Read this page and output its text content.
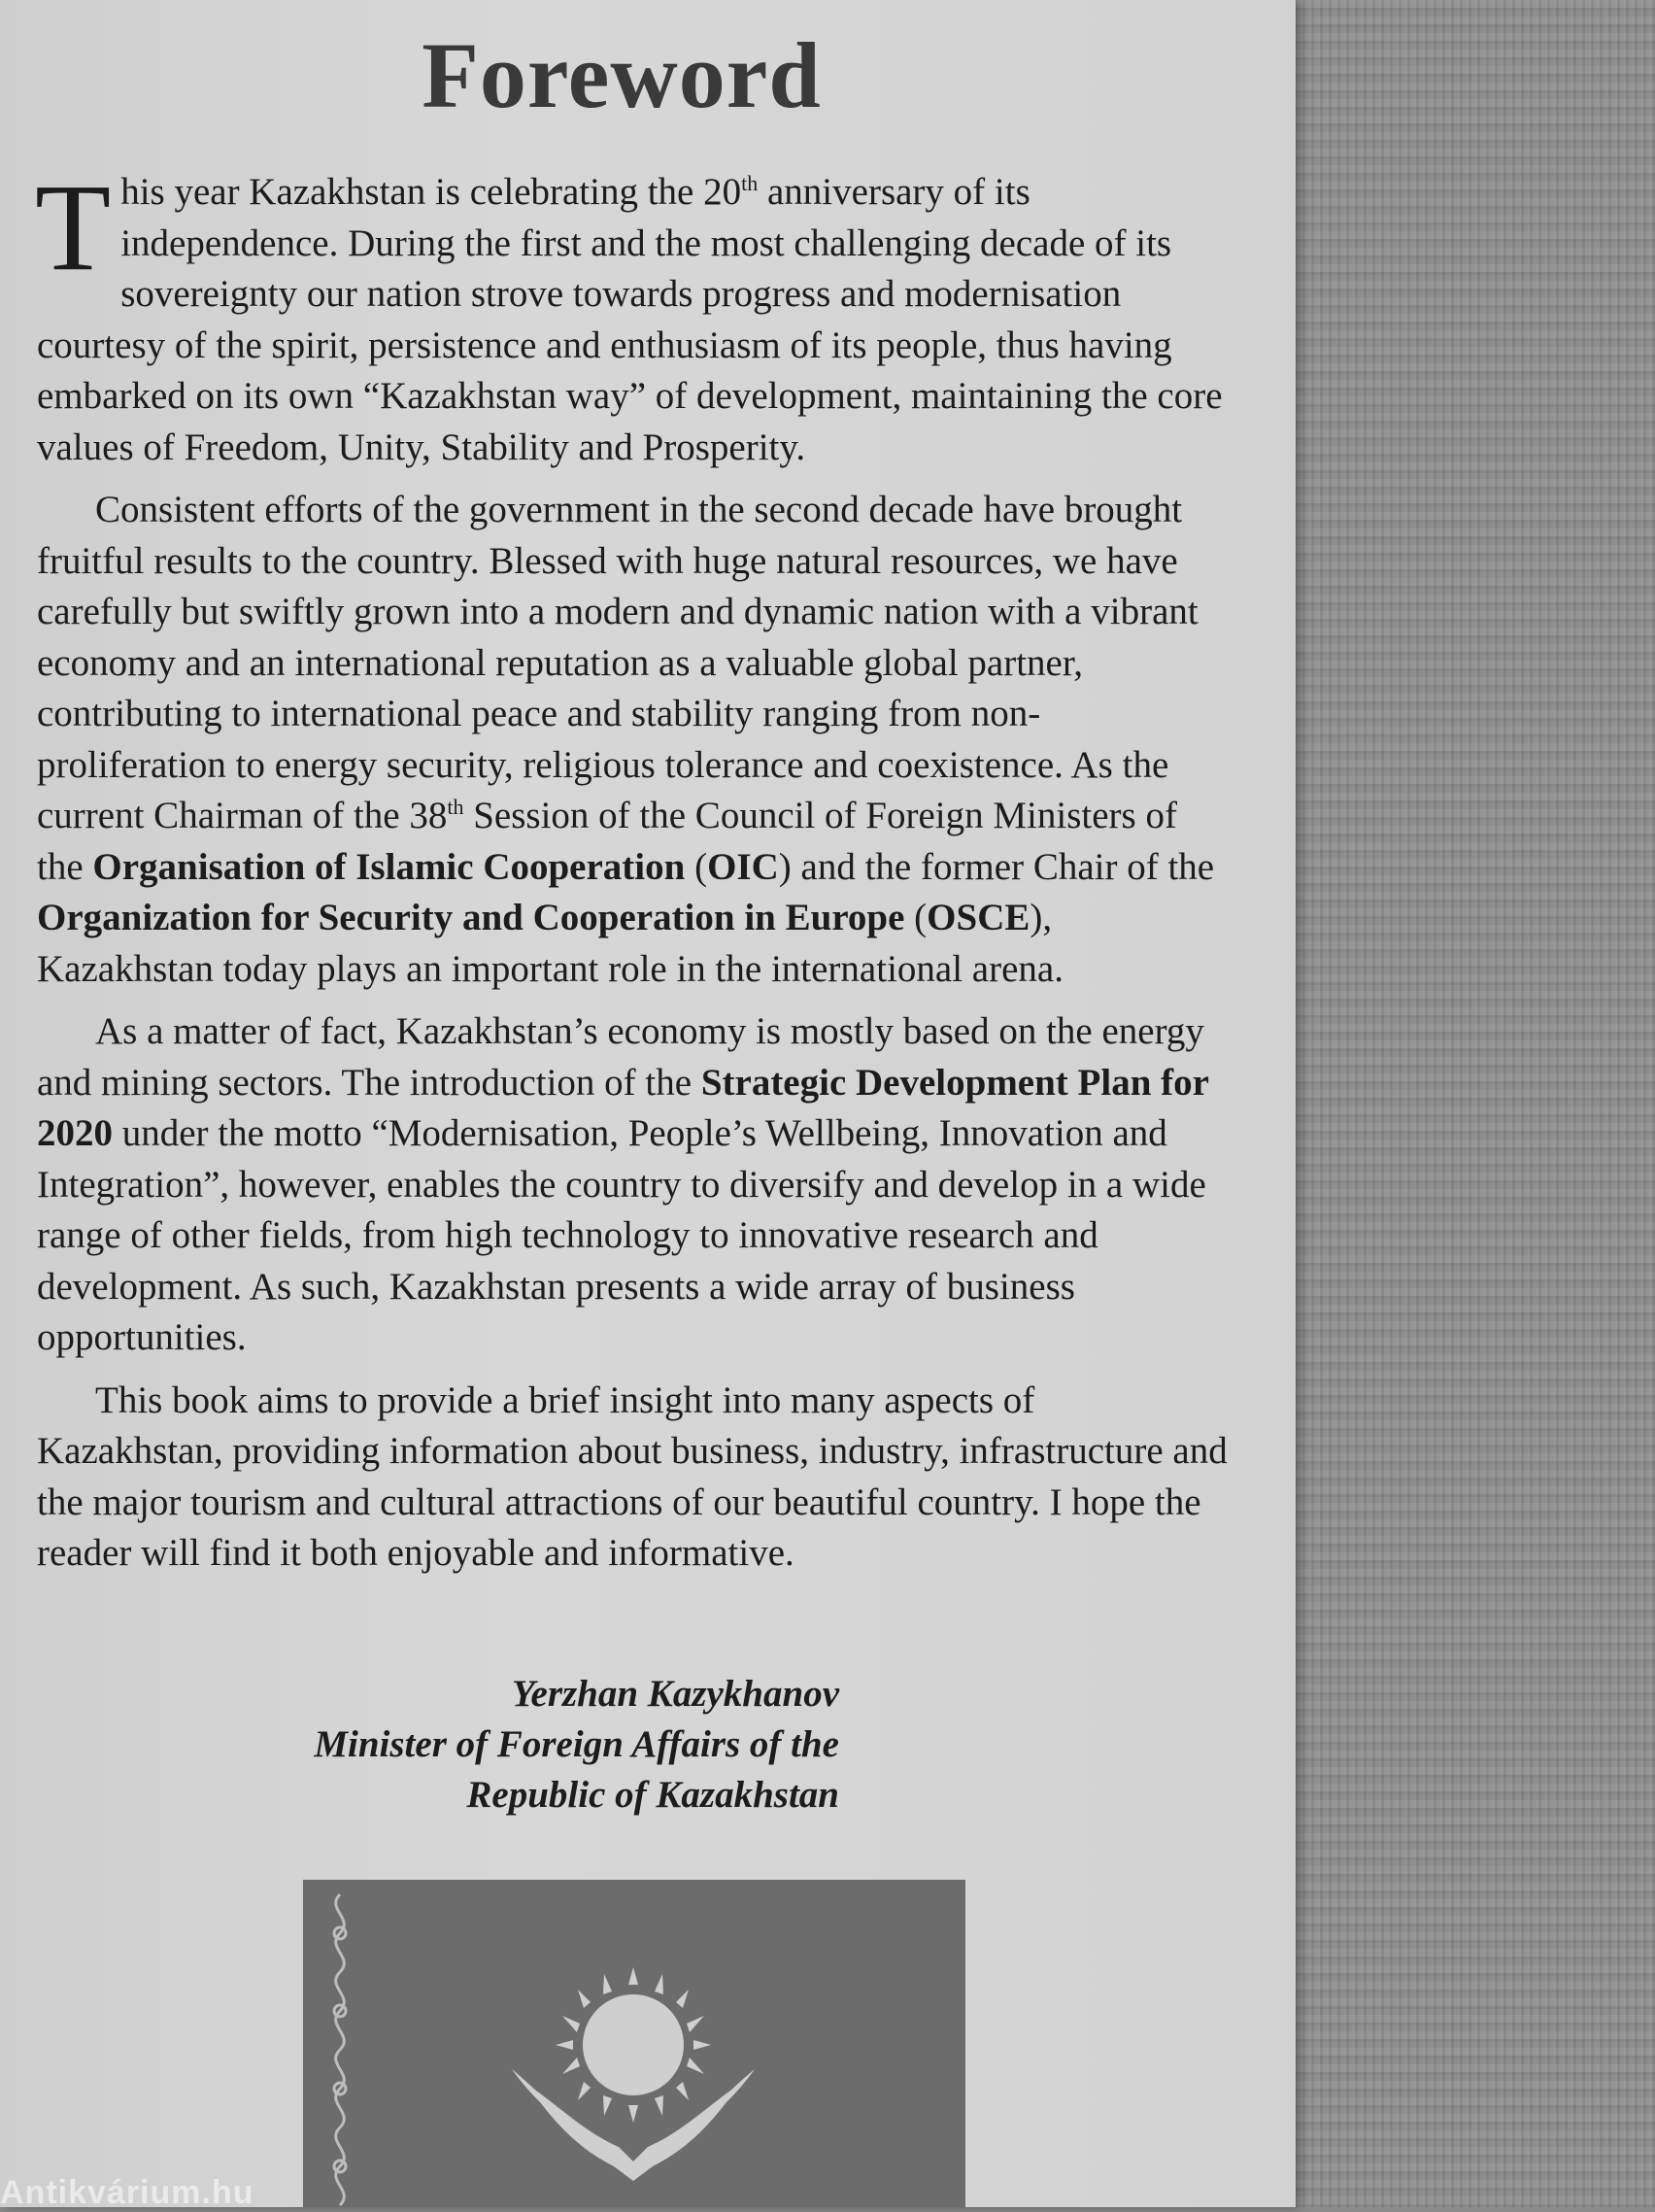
Foreword

This year Kazakhstan is celebrating the 20th anniversary of its independence. During the first and the most challenging decade of its sovereignty our nation strove towards progress and modernisation courtesy of the spirit, persistence and enthusiasm of its people, thus having embarked on its own “Kazakhstan way” of development, maintaining the core values of Freedom, Unity, Stability and Prosperity.

Consistent efforts of the government in the second decade have brought fruitful results to the country. Blessed with huge natural resources, we have carefully but swiftly grown into a modern and dynamic nation with a vibrant economy and an international reputation as a valuable global partner, contributing to international peace and stability ranging from non-proliferation to energy security, religious tolerance and coexistence. As the current Chairman of the 38th Session of the Council of Foreign Ministers of the Organisation of Islamic Cooperation (OIC) and the former Chair of the Organization for Security and Cooperation in Europe (OSCE), Kazakhstan today plays an important role in the international arena.

As a matter of fact, Kazakhstan’s economy is mostly based on the energy and mining sectors. The introduction of the Strategic Development Plan for 2020 under the motto “Modernisation, People’s Wellbeing, Innovation and Integration”, however, enables the country to diversify and develop in a wide range of other fields, from high technology to innovative research and development. As such, Kazakhstan presents a wide array of business opportunities.

This book aims to provide a brief insight into many aspects of Kazakhstan, providing information about business, industry, infrastructure and the major tourism and cultural attractions of our beautiful country. I hope the reader will find it both enjoyable and informative.

Yerzhan Kazykhanov
Minister of Foreign Affairs of the
Republic of Kazakhstan
Antikvárium.hu
